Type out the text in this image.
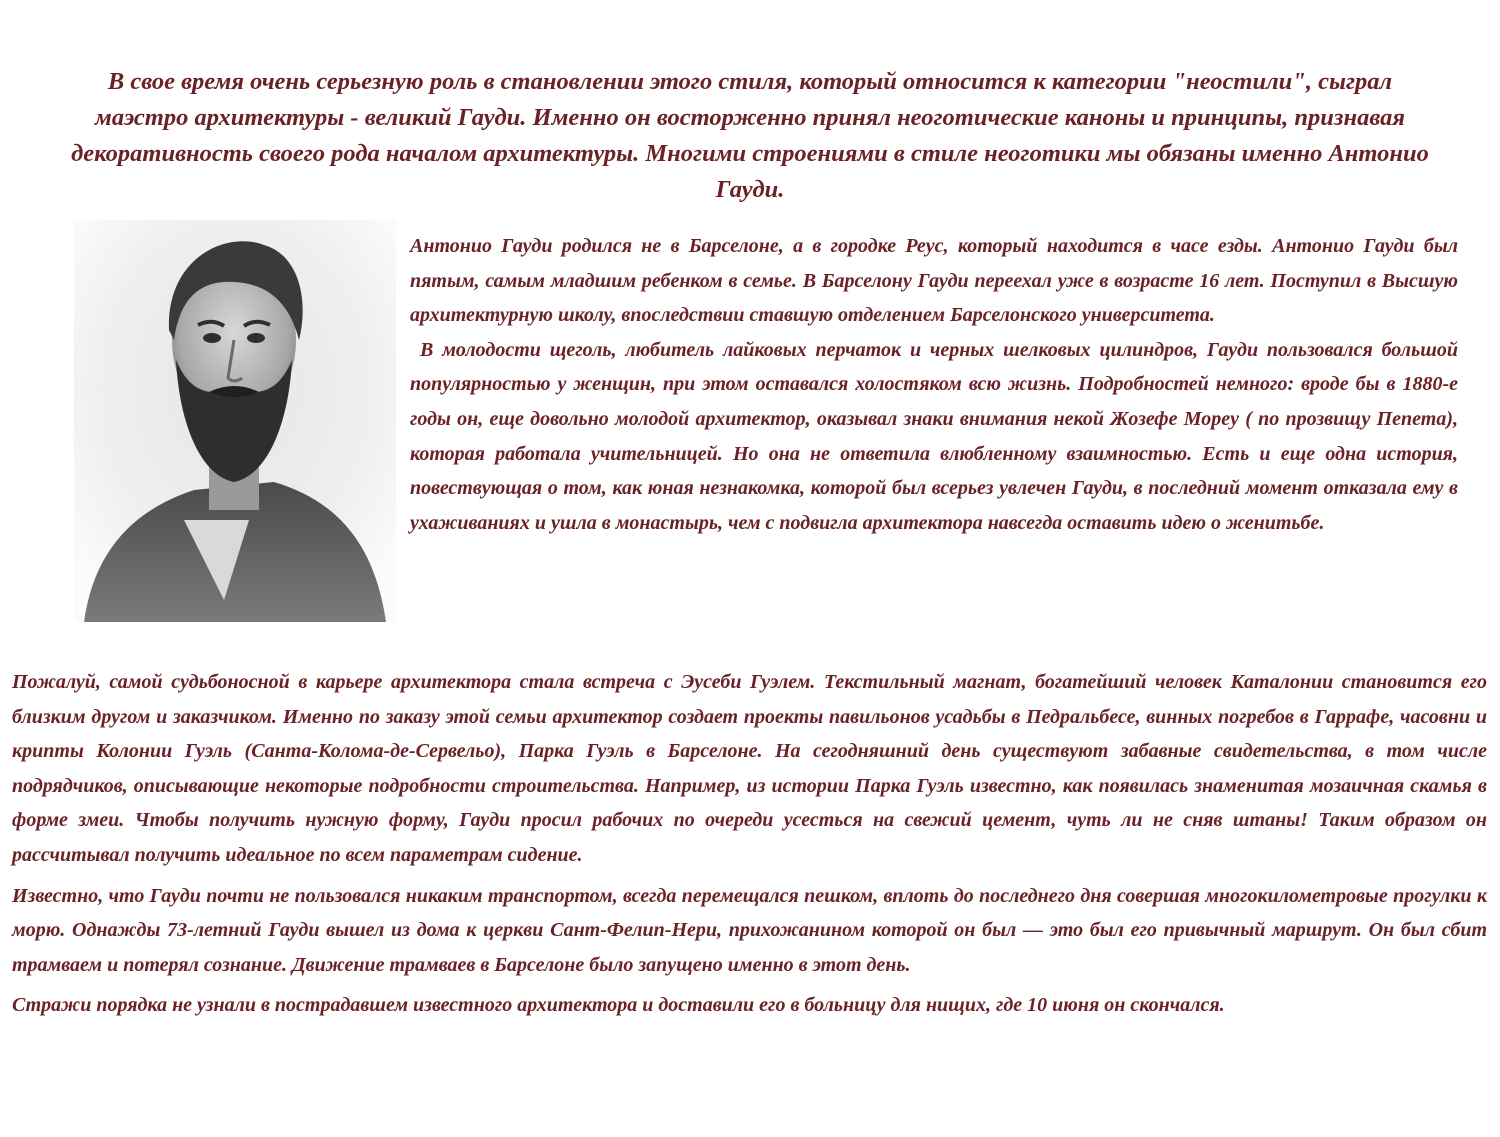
В свое время очень серьезную роль в становлении этого стиля, который относится к категории "неостили", сыграл маэстро архитектуры - великий Гауди. Именно он восторженно принял неоготические каноны и принципы, признавая декоративность своего рода началом архитектуры. Многими строениями в стиле неоготики мы обязаны именно Антонио Гауди.

Антонио Гауди родился не в Барселоне, а в городке Реус, который находится в часе езды. Антонио Гауди был пятым, самым младшим ребенком в семье. В Барселону Гауди переехал уже в возрасте 16 лет. Поступил в Высшую архитектурную школу, впоследствии ставшую отделением Барселонского университета.

В молодости щеголь, любитель лайковых перчаток и черных шелковых цилиндров, Гауди пользовался большой популярностью у женщин, при этом оставался холостяком всю жизнь. Подробностей немного: вроде бы в 1880-е годы он, еще довольно молодой архитектор, оказывал знаки внимания некой Жозефе Морeу ( по прозвищу Пепета), которая работала учительницей. Но она не ответила влюбленному взаимностью. Есть и еще одна история, повествующая о том, как юная незнакомка, которой был всерьез увлечен Гауди, в последний момент отказала ему в ухаживаниях и ушла в монастырь, чем с подвигла архитектора навсегда оставить идею о женитьбе.

Пожалуй, самой судьбоносной в карьере архитектора стала встреча с Эусеби Гуэлем. Текстильный магнат, богатейший человек Каталонии становится его близким другом и заказчиком. Именно по заказу этой семьи архитектор создает проекты павильонов усадьбы в Педральбесе, винных погребов в Гаррафе, часовни и крипты Колонии Гуэль (Санта-Колома-де-Сервельо), Парка Гуэль в Барселоне. На сегодняшний день существуют забавные свидетельства, в том числе подрядчиков, описывающие некоторые подробности строительства. Например, из истории Парка Гуэль известно, как появилась знаменитая мозаичная скамья в форме змеи. Чтобы получить нужную форму, Гауди просил рабочих по очереди усесться на свежий цемент, чуть ли не сняв штаны! Таким образом он рассчитывал получить идеальное по всем параметрам сидение.

Известно, что Гауди почти не пользовался никаким транспортом, всегда перемещался пешком, вплоть до последнего дня совершая многокилометровые прогулки к морю. Однажды 73-летний Гауди вышел из дома к церкви Сант-Фелип-Нери, прихожанином которой он был — это был его привычный маршрут. Он был сбит трамваем и потерял сознание. Движение трамваев в Барселоне было запущено именно в этот день.

Стражи порядка не узнали в пострадавшем известного архитектора и доставили его в больницу для нищих, где 10 июня он скончался.
